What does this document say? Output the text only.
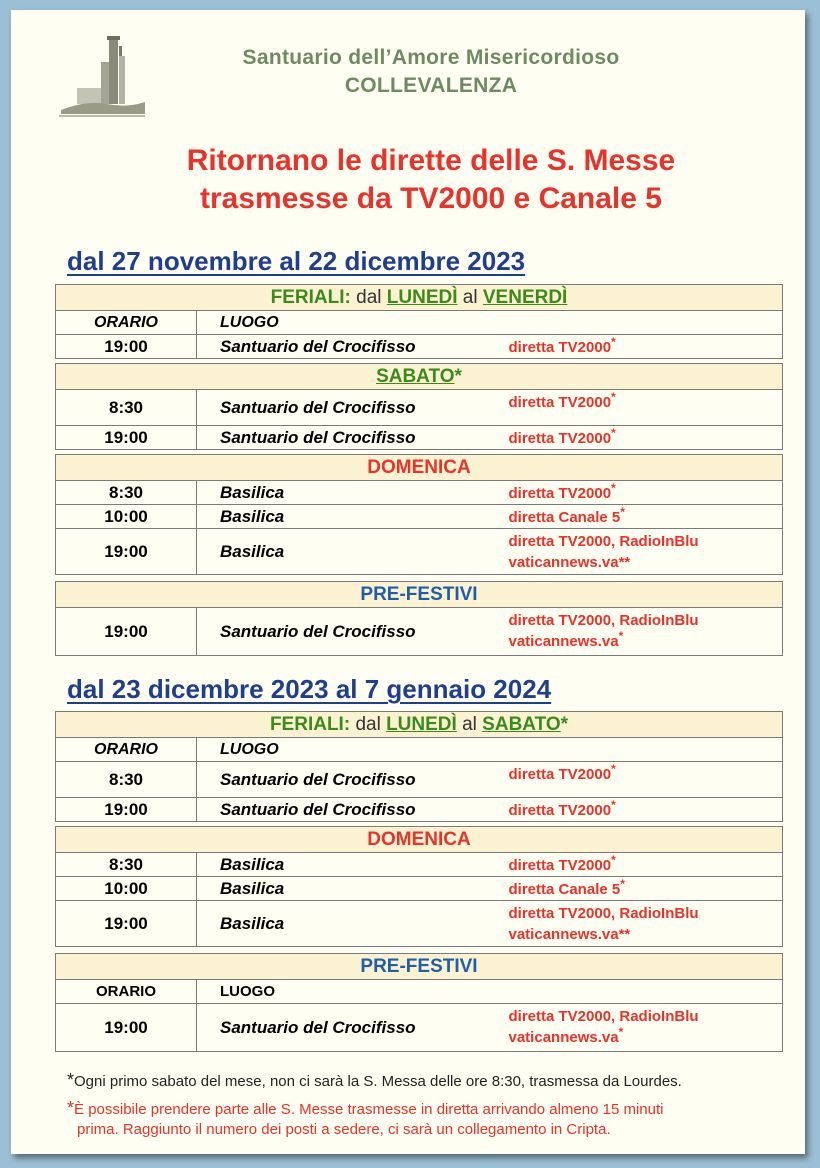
Santuario dell’Amore Misericordioso
COLLEVALENZA
Ritornano le dirette delle S. Messe
trasmesse da TV2000 e Canale 5
dal 27 novembre al 22 dicembre 2023
FERIALI: dal LUNEDÌ al VENERDÌ		
ORARIO	LUOGO	
19:00	Santuario del Crocifisso	diretta TV2000*

SABATO*		
8:30	Santuario del Crocifisso	diretta TV2000*
19:00	Santuario del Crocifisso	diretta TV2000*

DOMENICA		
8:30	Basilica	diretta TV2000*
10:00	Basilica	diretta Canale 5*
19:00	Basilica	diretta TV2000, RadioInBlu
vaticannews.va**

PRE-FESTIVI		
19:00	Santuario del Crocifisso	diretta TV2000, RadioInBlu
vaticannews.va*
dal 23 dicembre 2023 al 7 gennaio 2024
FERIALI: dal LUNEDÌ al SABATO*		
ORARIO	LUOGO	
8:30	Santuario del Crocifisso	diretta TV2000*
19:00	Santuario del Crocifisso	diretta TV2000*

DOMENICA		
8:30	Basilica	diretta TV2000*
10:00	Basilica	diretta Canale 5*
19:00	Basilica	diretta TV2000, RadioInBlu
vaticannews.va**

PRE-FESTIVI		
ORARIO	LUOGO	
19:00	Santuario del Crocifisso	diretta TV2000, RadioInBlu
vaticannews.va*
*Ogni primo sabato del mese, non ci sarà la S. Messa delle ore 8:30, trasmessa da Lourdes.
*È possibile prendere parte alle S. Messe trasmesse in diretta arrivando almeno 15 minuti
prima. Raggiunto il numero dei posti a sedere, ci sarà un collegamento in Cripta.
